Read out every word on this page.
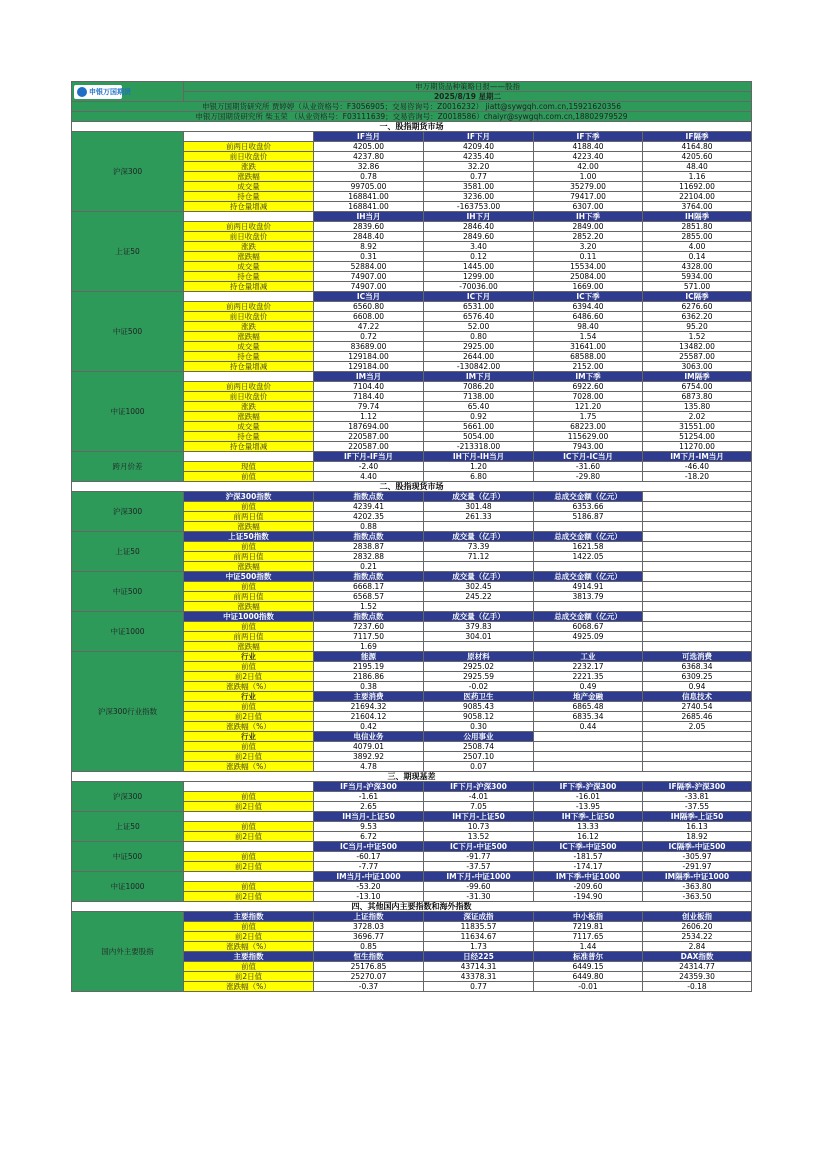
申银万国期货	申万期货品种策略日报——股指				
	2025/8/19 星期二				
申银万国期货研究所 贾婷婷（从业资格号：F3056905；交易咨询号：Z0016232） jiatt@sywgqh.com.cn,15921620356					
申银万国期货研究所 柴玉荣 （从业资格号：F03111639；交易咨询号：Z0018586）chaiyr@sywgqh.com.cn,18802979529					
一、股指期货市场					
沪深300		IF当月	IF下月	IF下季	IF隔季
	前两日收盘价	4205.00	4209.40	4188.40	4164.80
	前日收盘价	4237.80	4235.40	4223.40	4205.60
	涨跌	32.86	32.20	42.00	48.40
	涨跌幅	0.78	0.77	1.00	1.16
	成交量	99705.00	3581.00	35279.00	11692.00
	持仓量	168841.00	3236.00	79417.00	22104.00
	持仓量增减	168841.00	-163753.00	6307.00	3764.00
上证50		IH当月	IH下月	IH下季	IH隔季
	前两日收盘价	2839.60	2846.40	2849.00	2851.80
	前日收盘价	2848.40	2849.60	2852.20	2855.00
	涨跌	8.92	3.40	3.20	4.00
	涨跌幅	0.31	0.12	0.11	0.14
	成交量	52884.00	1445.00	15534.00	4328.00
	持仓量	74907.00	1299.00	25084.00	5934.00
	持仓量增减	74907.00	-70036.00	1669.00	571.00
中证500		IC当月	IC下月	IC下季	IC隔季
	前两日收盘价	6560.80	6531.00	6394.40	6276.60
	前日收盘价	6608.00	6576.40	6486.60	6362.20
	涨跌	47.22	52.00	98.40	95.20
	涨跌幅	0.72	0.80	1.54	1.52
	成交量	83689.00	2925.00	31641.00	13482.00
	持仓量	129184.00	2644.00	68588.00	25587.00
	持仓量增减	129184.00	-130842.00	2152.00	3063.00
中证1000		IM当月	IM下月	IM下季	IM隔季
	前两日收盘价	7104.40	7086.20	6922.60	6754.00
	前日收盘价	7184.40	7138.00	7028.00	6873.80
	涨跌	79.74	65.40	121.20	135.80
	涨跌幅	1.12	0.92	1.75	2.02
	成交量	187694.00	5661.00	68223.00	31551.00
	持仓量	220587.00	5054.00	115629.00	51254.00
	持仓量增减	220587.00	-213318.00	7943.00	11270.00
跨月价差		IF下月-IF当月	IH下月-IH当月	IC下月-IC当月	IM下月-IM当月
	现值	-2.40	1.20	-31.60	-46.40
	前值	4.40	6.80	-29.80	-18.20
二、股指现货市场					
沪深300	沪深300指数	指数点数	成交量（亿手）	总成交金额（亿元）	
	前值	4239.41	301.48	6353.66	
	前两日值	4202.35	261.33	5186.87	
	涨跌幅	0.88			
上证50	上证50指数	指数点数	成交量（亿手）	总成交金额（亿元）	
	前值	2838.87	73.39	1621.58	
	前两日值	2832.88	71.12	1422.05	
	涨跌幅	0.21			
中证500	中证500指数	指数点数	成交量（亿手）	总成交金额（亿元）	
	前值	6668.17	302.45	4914.91	
	前两日值	6568.57	245.22	3813.79	
	涨跌幅	1.52			
中证1000	中证1000指数	指数点数	成交量（亿手）	总成交金额（亿元）	
	前值	7237.60	379.83	6068.67	
	前两日值	7117.50	304.01	4925.09	
	涨跌幅	1.69			
沪深300行业指数	行业	能源	原材料	工业	可选消费
	前值	2195.19	2925.02	2232.17	6368.34
	前2日值	2186.86	2925.59	2221.35	6309.25
	涨跌幅（%）	0.38	-0.02	0.49	0.94
	行业	主要消费	医药卫生	地产金融	信息技术
	前值	21694.32	9085.43	6865.48	2740.54
	前2日值	21604.12	9058.12	6835.34	2685.46
	涨跌幅（%）	0.42	0.30	0.44	2.05
	行业	电信业务	公用事业		
	前值	4079.01	2508.74		
	前2日值	3892.92	2507.10		
	涨跌幅（%）	4.78	0.07		
三、期现基差					
沪深300		IF当月-沪深300	IF下月-沪深300	IF下季-沪深300	IF隔季-沪深300
	前值	-1.61	-4.01	-16.01	-33.81
	前2日值	2.65	7.05	-13.95	-37.55
上证50		IH当月-上证50	IH下月-上证50	IH下季-上证50	IH隔季-上证50
	前值	9.53	10.73	13.33	16.13
	前2日值	6.72	13.52	16.12	18.92
中证500		IC当月-中证500	IC下月-中证500	IC下季-中证500	IC隔季-中证500
	前值	-60.17	-91.77	-181.57	-305.97
	前2日值	-7.77	-37.57	-174.17	-291.97
中证1000		IM当月-中证1000	IM下月-中证1000	IM下季-中证1000	IM隔季-中证1000
	前值	-53.20	-99.60	-209.60	-363.80
	前2日值	-13.10	-31.30	-194.90	-363.50
四、其他国内主要指数和海外指数					
国内外主要股指	主要指数	上证指数	深证成指	中小板指	创业板指
	前值	3728.03	11835.57	7219.81	2606.20
	前2日值	3696.77	11634.67	7117.65	2534.22
	涨跌幅（%）	0.85	1.73	1.44	2.84
	主要指数	恒生指数	日经225	标准普尔	DAX指数
	前值	25176.85	43714.31	6449.15	24314.77
	前2日值	25270.07	43378.31	6449.80	24359.30
	涨跌幅（%）	-0.37	0.77	-0.01	-0.18
